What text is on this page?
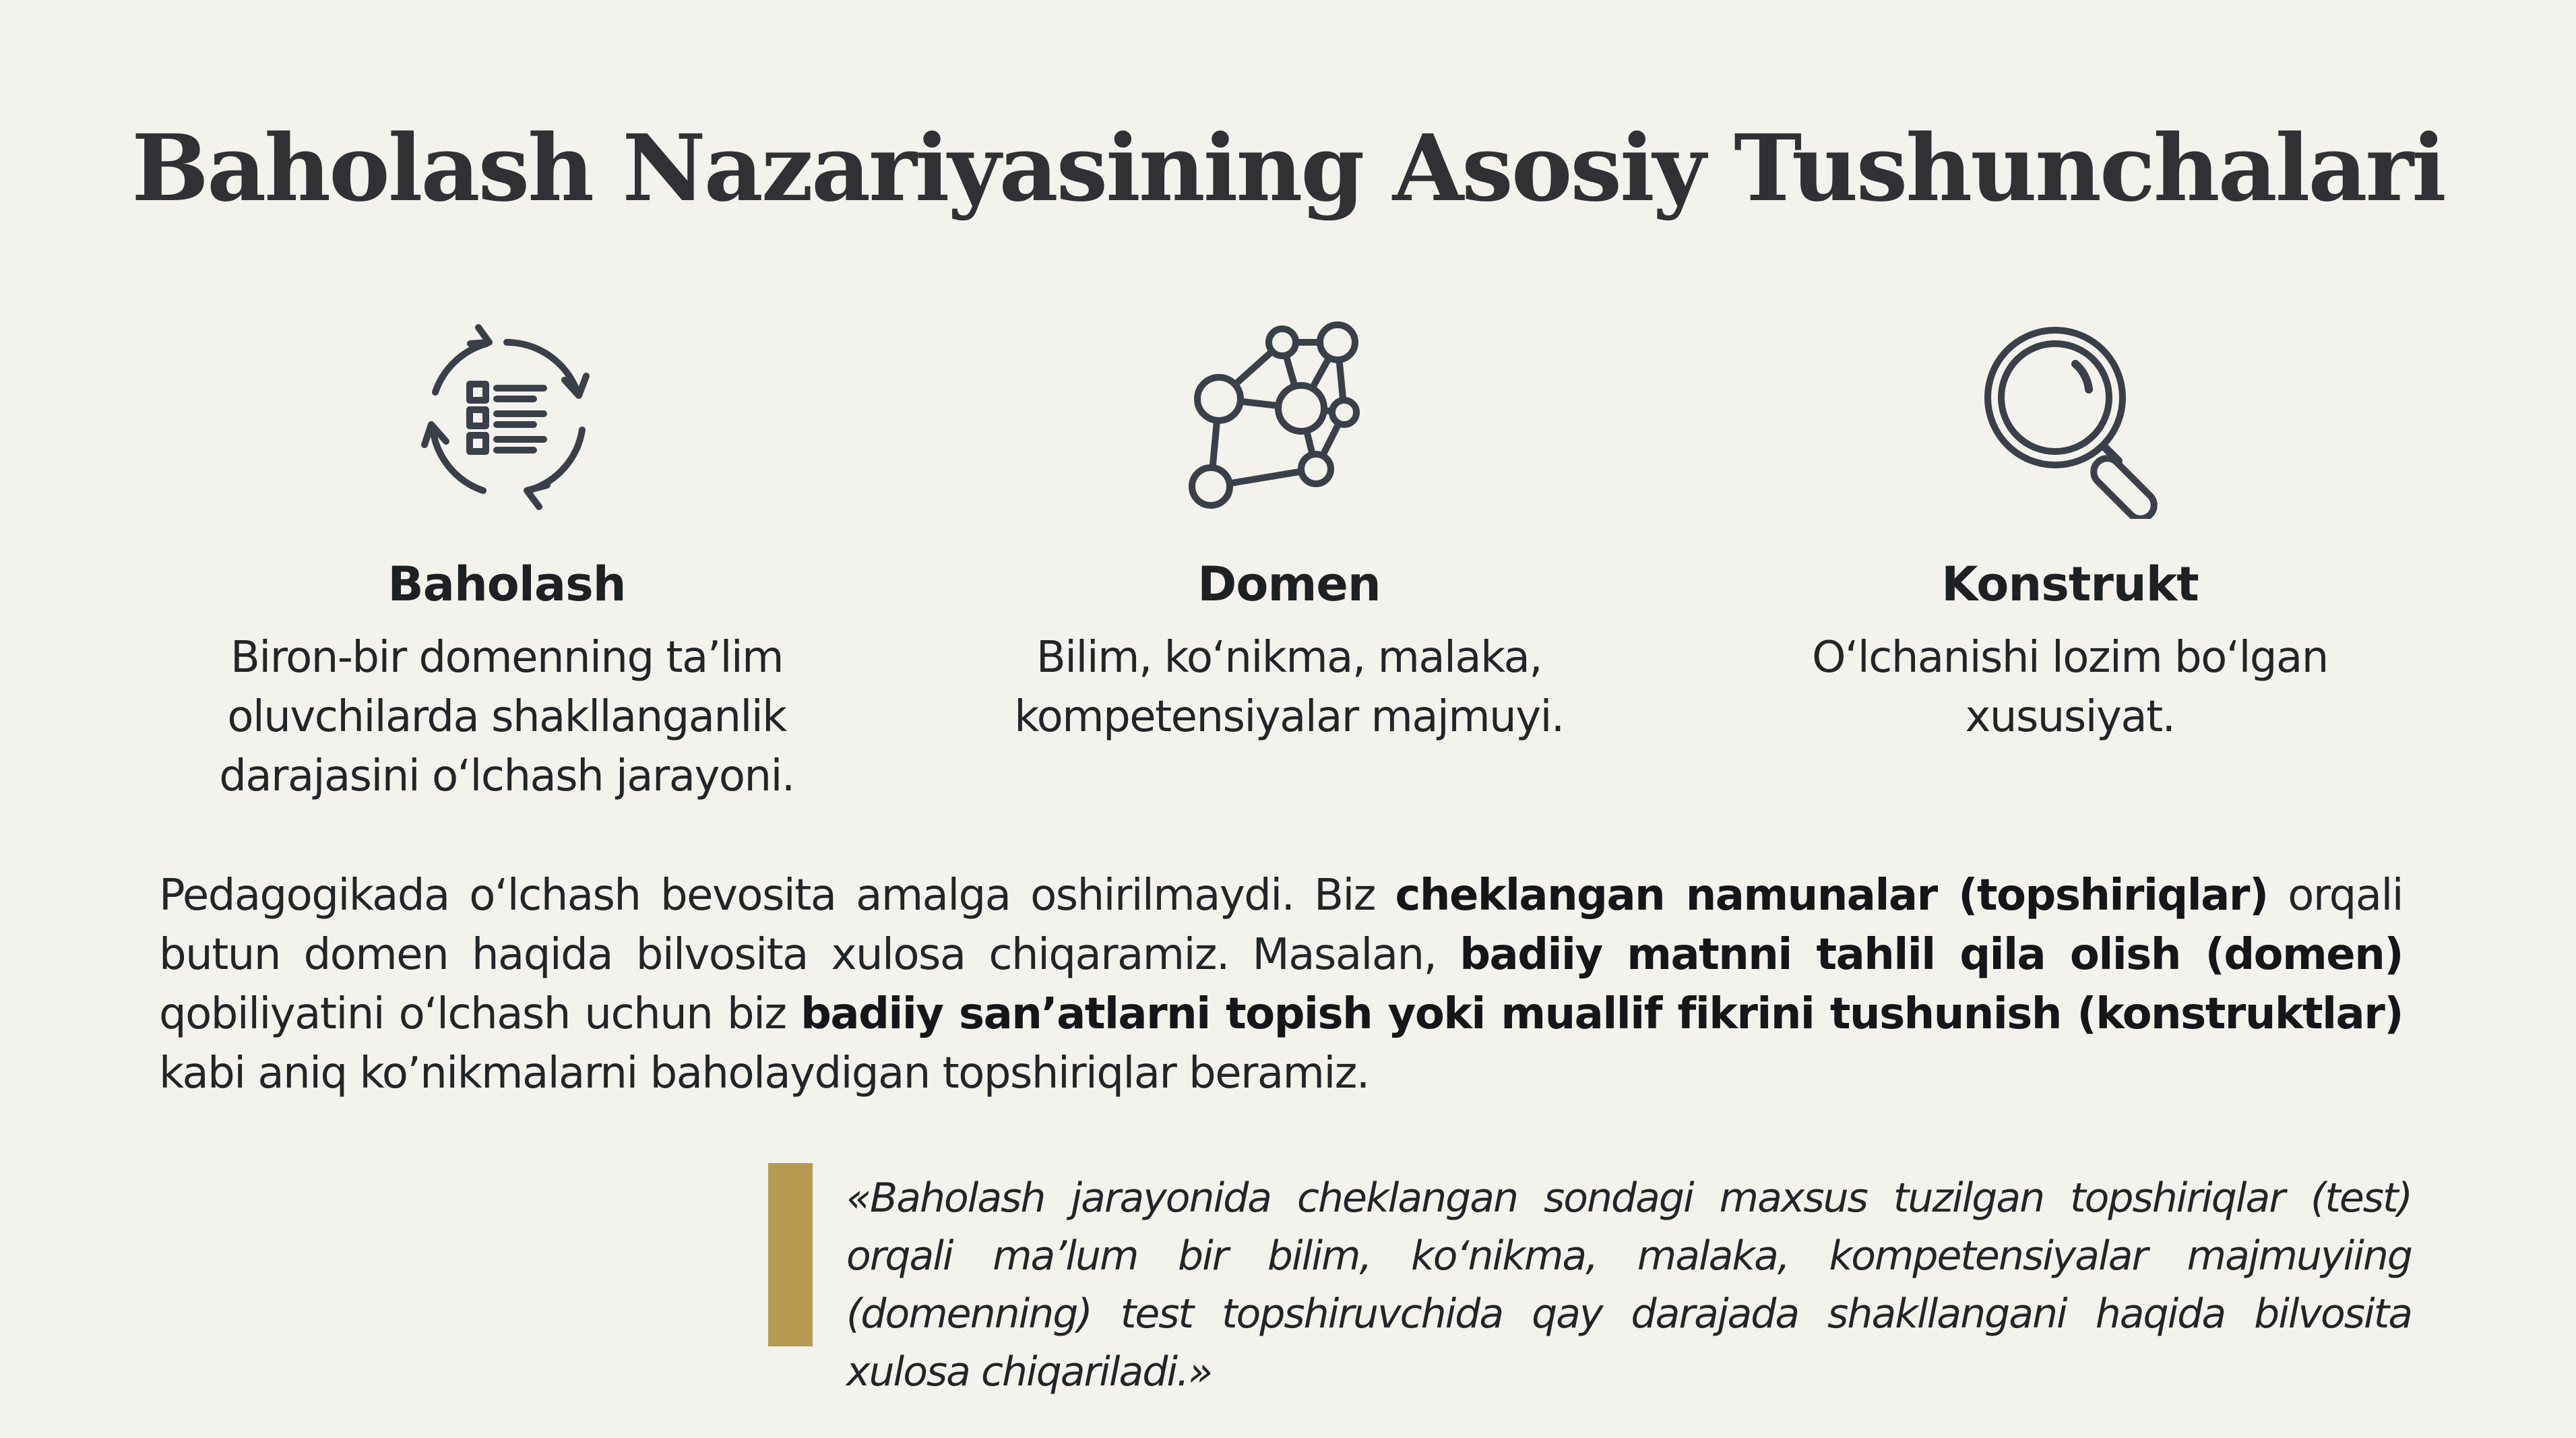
Baholash Nazariyasining Asosiy Tushunchalari
Baholash
Biron-bir domenning ta’lim oluvchilarda shakllanganlik darajasini oʻlchash jarayoni.
Domen
Bilim, koʻnikma, malaka, kompetensiyalar majmuyi.
Konstrukt
Oʻlchanishi lozim boʻlgan xususiyat.

Pedagogikada oʻlchash bevosita amalga oshirilmaydi. Biz cheklangan namunalar (topshiriqlar) orqali butun domen haqida bilvosita xulosa chiqaramiz. Masalan, badiiy matnni tahlil qila olish (domen) qobiliyatini oʻlchash uchun biz badiiy san’atlarni topish yoki muallif fikrini tushunish (konstruktlar) kabi aniq ko’nikmalarni baholaydigan topshiriqlar beramiz.

«Baholash jarayonida cheklangan sondagi maxsus tuzilgan topshiriqlar (test) orqali ma’lum bir bilim, koʻnikma, malaka, kompetensiyalar majmuyiing (domenning) test topshiruvchida qay darajada shakllangani haqida bilvosita xulosa chiqariladi.»
